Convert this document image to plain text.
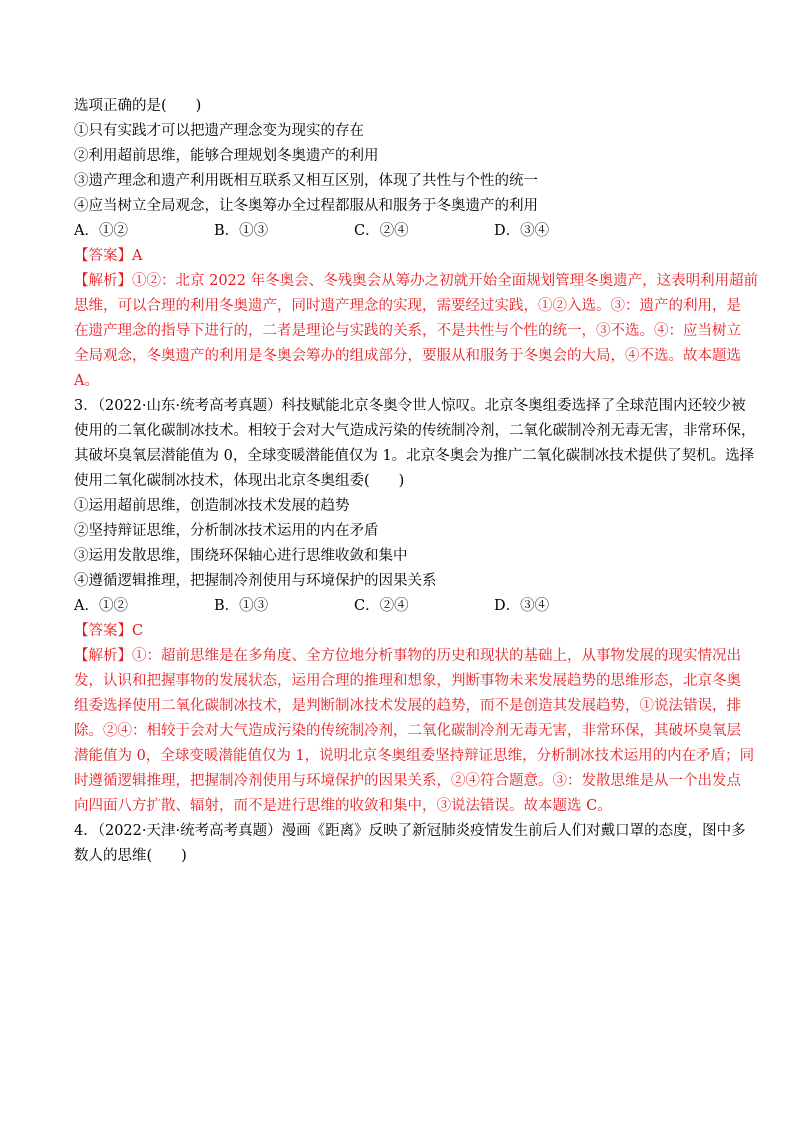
选项正确的是(　　)
①只有实践才可以把遗产理念变为现实的存在
②利用超前思维，能够合理规划冬奥遗产的利用
③遗产理念和遗产利用既相互联系又相互区别，体现了共性与个性的统一
④应当树立全局观念，让冬奥筹办全过程都服从和服务于冬奥遗产的利用
A．①②	B．①③	C．②④	D．③④
【答案】A
【解析】①②：北京 2022 年冬奥会、冬残奥会从筹办之初就开始全面规划管理冬奥遗产，这表明利用超前
思维，可以合理的利用冬奥遗产，同时遗产理念的实现，需要经过实践，①②入选。③：遗产的利用，是
在遗产理念的指导下进行的，二者是理论与实践的关系，不是共性与个性的统一，③不选。④：应当树立
全局观念，冬奥遗产的利用是冬奥会筹办的组成部分，要服从和服务于冬奥会的大局，④不选。故本题选
A。
3．（2022·山东·统考高考真题）科技赋能北京冬奥令世人惊叹。北京冬奥组委选择了全球范围内还较少被
使用的二氧化碳制冰技术。相较于会对大气造成污染的传统制冷剂，二氧化碳制冷剂无毒无害，非常环保，
其破坏臭氧层潜能值为 0，全球变暖潜能值仅为 1。北京冬奥会为推广二氧化碳制冰技术提供了契机。选择
使用二氧化碳制冰技术，体现出北京冬奥组委(　　)
①运用超前思维，创造制冰技术发展的趋势
②坚持辩证思维，分析制冰技术运用的内在矛盾
③运用发散思维，围绕环保轴心进行思维收敛和集中
④遵循逻辑推理，把握制冷剂使用与环境保护的因果关系
A．①②	B．①③	C．②④	D．③④
【答案】C
【解析】①：超前思维是在多角度、全方位地分析事物的历史和现状的基础上，从事物发展的现实情况出
发，认识和把握事物的发展状态，运用合理的推理和想象，判断事物未来发展趋势的思维形态，北京冬奥
组委选择使用二氧化碳制冰技术，是判断制冰技术发展的趋势，而不是创造其发展趋势，①说法错误，排
除。②④：相较于会对大气造成污染的传统制冷剂，二氧化碳制冷剂无毒无害，非常环保，其破坏臭氧层
潜能值为 0，全球变暖潜能值仅为 1，说明北京冬奥组委坚持辩证思维，分析制冰技术运用的内在矛盾；同
时遵循逻辑推理，把握制冷剂使用与环境保护的因果关系，②④符合题意。③：发散思维是从一个出发点
向四面八方扩散、辐射，而不是进行思维的收敛和集中，③说法错误。故本题选 C。
4．（2022·天津·统考高考真题）漫画《距离》反映了新冠肺炎疫情发生前后人们对戴口罩的态度，图中多
数人的思维(　　)
